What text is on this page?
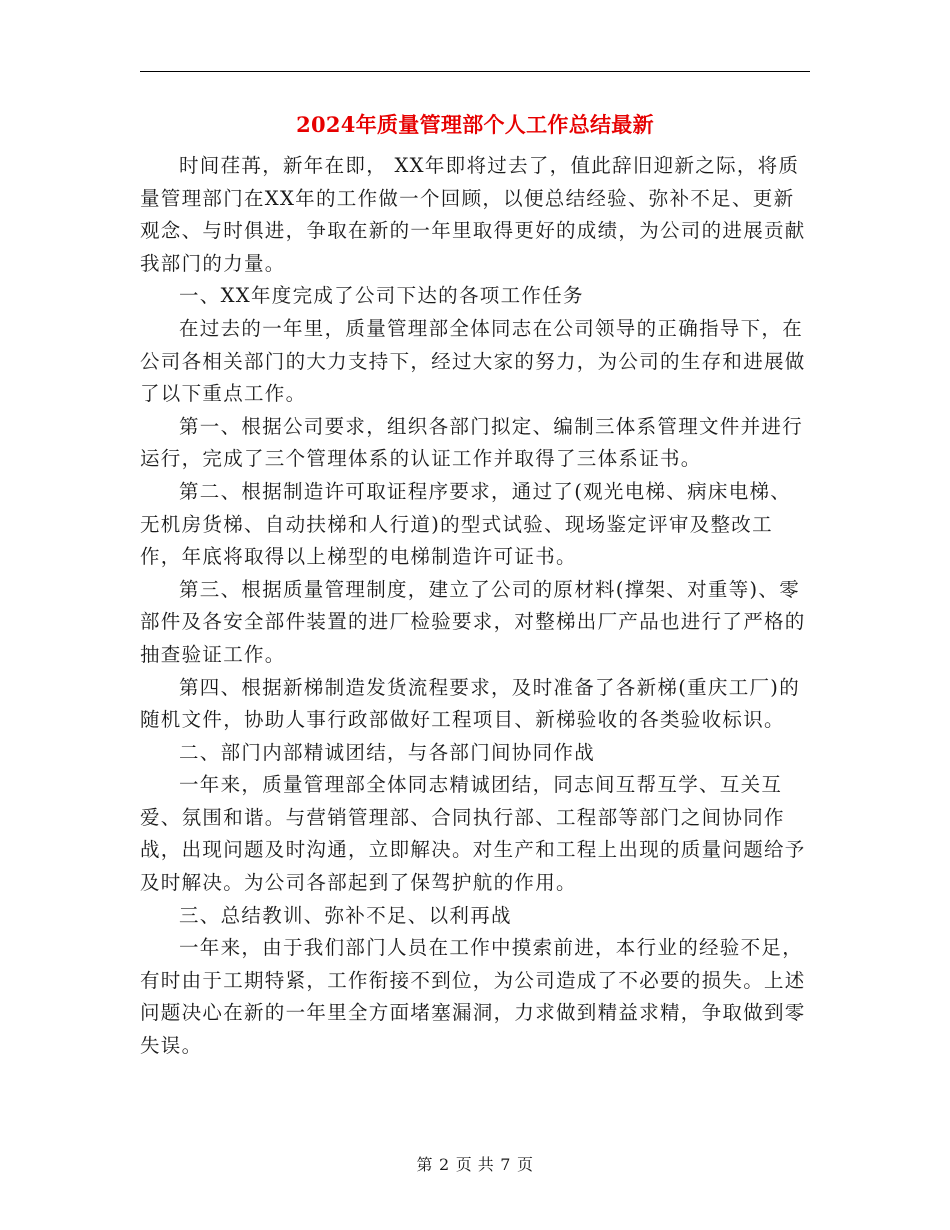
2024年质量管理部个人工作总结最新

时间荏苒，新年在即， XX年即将过去了，值此辞旧迎新之际，将质量管理部门在XX年的工作做一个回顾，以便总结经验、弥补不足、更新观念、与时俱进，争取在新的一年里取得更好的成绩，为公司的进展贡献我部门的力量。

一、XX年度完成了公司下达的各项工作任务

在过去的一年里，质量管理部全体同志在公司领导的正确指导下，在公司各相关部门的大力支持下，经过大家的努力，为公司的生存和进展做了以下重点工作。

第一、根据公司要求，组织各部门拟定、编制三体系管理文件并进行运行，完成了三个管理体系的认证工作并取得了三体系证书。

第二、根据制造许可取证程序要求，通过了(观光电梯、病床电梯、无机房货梯、自动扶梯和人行道)的型式试验、现场鉴定评审及整改工作，年底将取得以上梯型的电梯制造许可证书。

第三、根据质量管理制度，建立了公司的原材料(撑架、对重等)、零部件及各安全部件装置的进厂检验要求，对整梯出厂产品也进行了严格的抽查验证工作。

第四、根据新梯制造发货流程要求，及时准备了各新梯(重庆工厂)的随机文件，协助人事行政部做好工程项目、新梯验收的各类验收标识。

二、部门内部精诚团结，与各部门间协同作战

一年来，质量管理部全体同志精诚团结，同志间互帮互学、互关互爱、氛围和谐。与营销管理部、合同执行部、工程部等部门之间协同作战，出现问题及时沟通，立即解决。对生产和工程上出现的质量问题给予及时解决。为公司各部起到了保驾护航的作用。

三、总结教训、弥补不足、以利再战

一年来，由于我们部门人员在工作中摸索前进，本行业的经验不足，有时由于工期特紧，工作衔接不到位，为公司造成了不必要的损失。上述问题决心在新的一年里全方面堵塞漏洞，力求做到精益求精，争取做到零失误。

第 2 页 共 7 页
